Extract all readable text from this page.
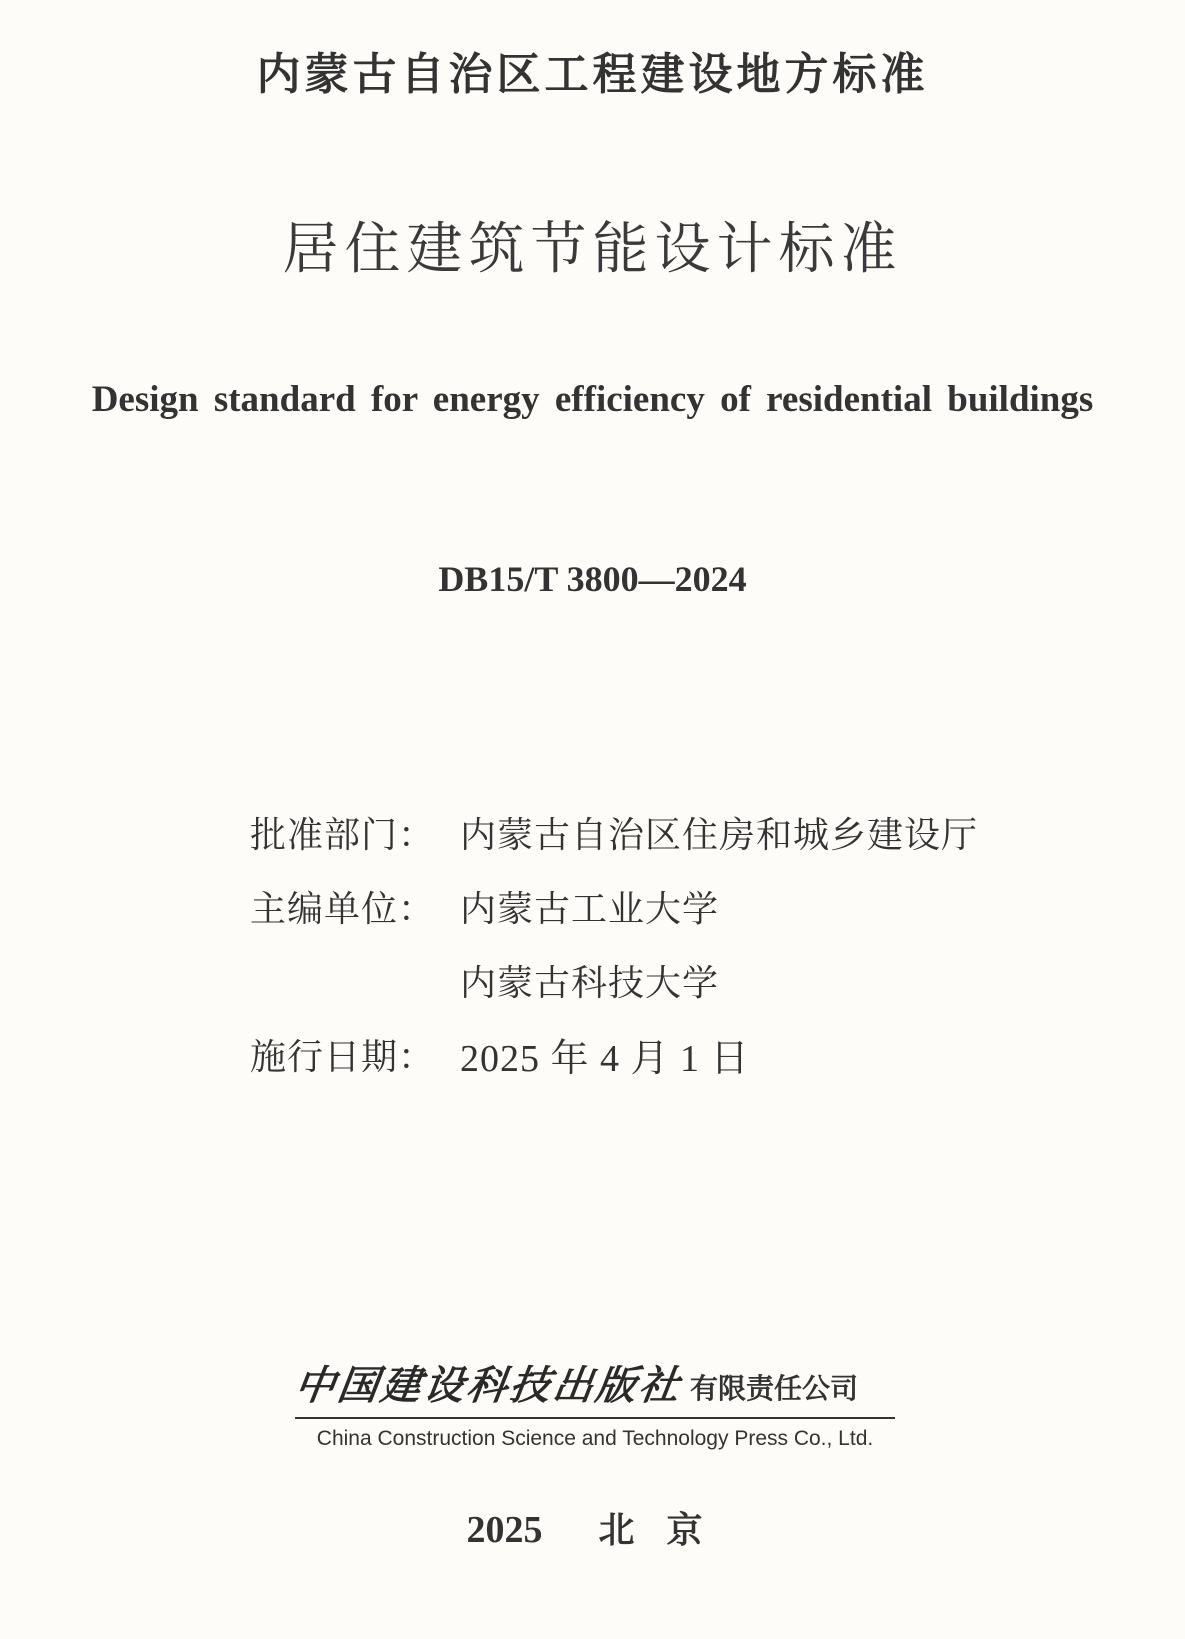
内蒙古自治区工程建设地方标准
居住建筑节能设计标准
Design standard for energy efficiency of residential buildings
DB15/T 3800—2024
批准部门： 内蒙古自治区住房和城乡建设厅
主编单位： 内蒙古工业大学
内蒙古科技大学
施行日期： 2025 年 4 月 1 日
中国建设科技出版社 有限责任公司
China Construction Science and Technology Press Co., Ltd.
2025 北 京
